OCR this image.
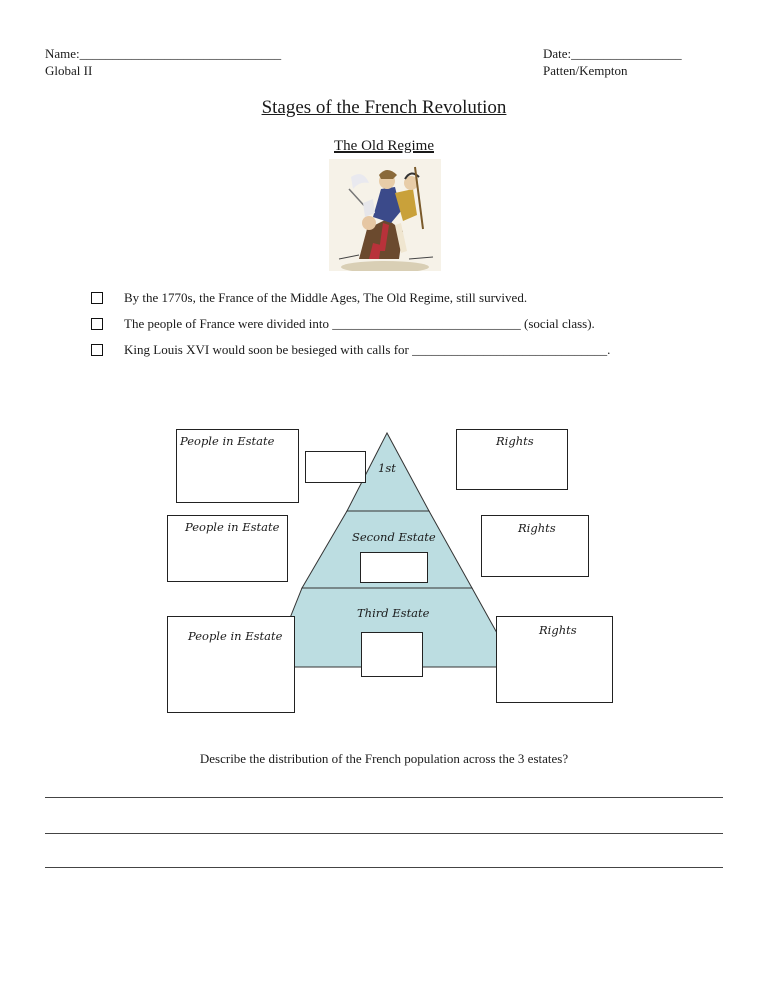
Name:_______________________________
Global II
Date:_________________
Patten/Kempton
Stages of the French Revolution
The Old Regime
By the 1770s, the France of the Middle Ages, The Old Regime, still survived.
The people of France were divided into _____________________________ (social class).
King Louis XVI would soon be besieged with calls for ______________________________.
1st
Second Estate
Third Estate
People in Estate
People in Estate
People in Estate
Rights
Rights
Rights
Describe the distribution of the French population across the 3 estates?
